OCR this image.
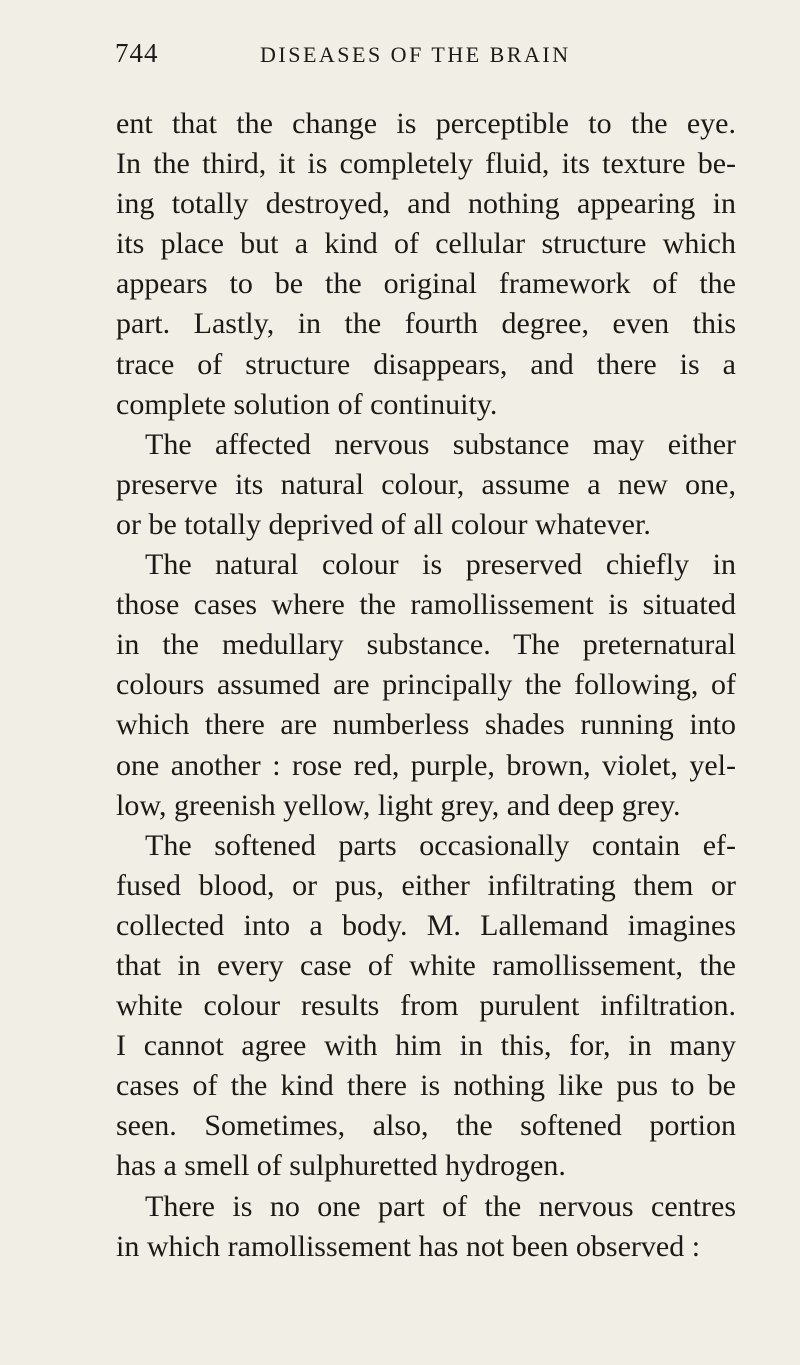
744	DISEASES OF THE BRAIN
ent that the change is perceptible to the eye.
In the third, it is completely fluid, its texture be-
ing totally destroyed, and nothing appearing in
its place but a kind of cellular structure which
appears to be the original framework of the
part. Lastly, in the fourth degree, even this
trace of structure disappears, and there is a
complete solution of continuity.
The affected nervous substance may either
preserve its natural colour, assume a new one,
or be totally deprived of all colour whatever.
The natural colour is preserved chiefly in
those cases where the ramollissement is situated
in the medullary substance. The preternatural
colours assumed are principally the following, of
which there are numberless shades running into
one another : rose red, purple, brown, violet, yel-
low, greenish yellow, light grey, and deep grey.
The softened parts occasionally contain ef-
fused blood, or pus, either infiltrating them or
collected into a body. M. Lallemand imagines
that in every case of white ramollissement, the
white colour results from purulent infiltration.
I cannot agree with him in this, for, in many
cases of the kind there is nothing like pus to be
seen. Sometimes, also, the softened portion
has a smell of sulphuretted hydrogen.
There is no one part of the nervous centres
in which ramollissement has not been observed :
